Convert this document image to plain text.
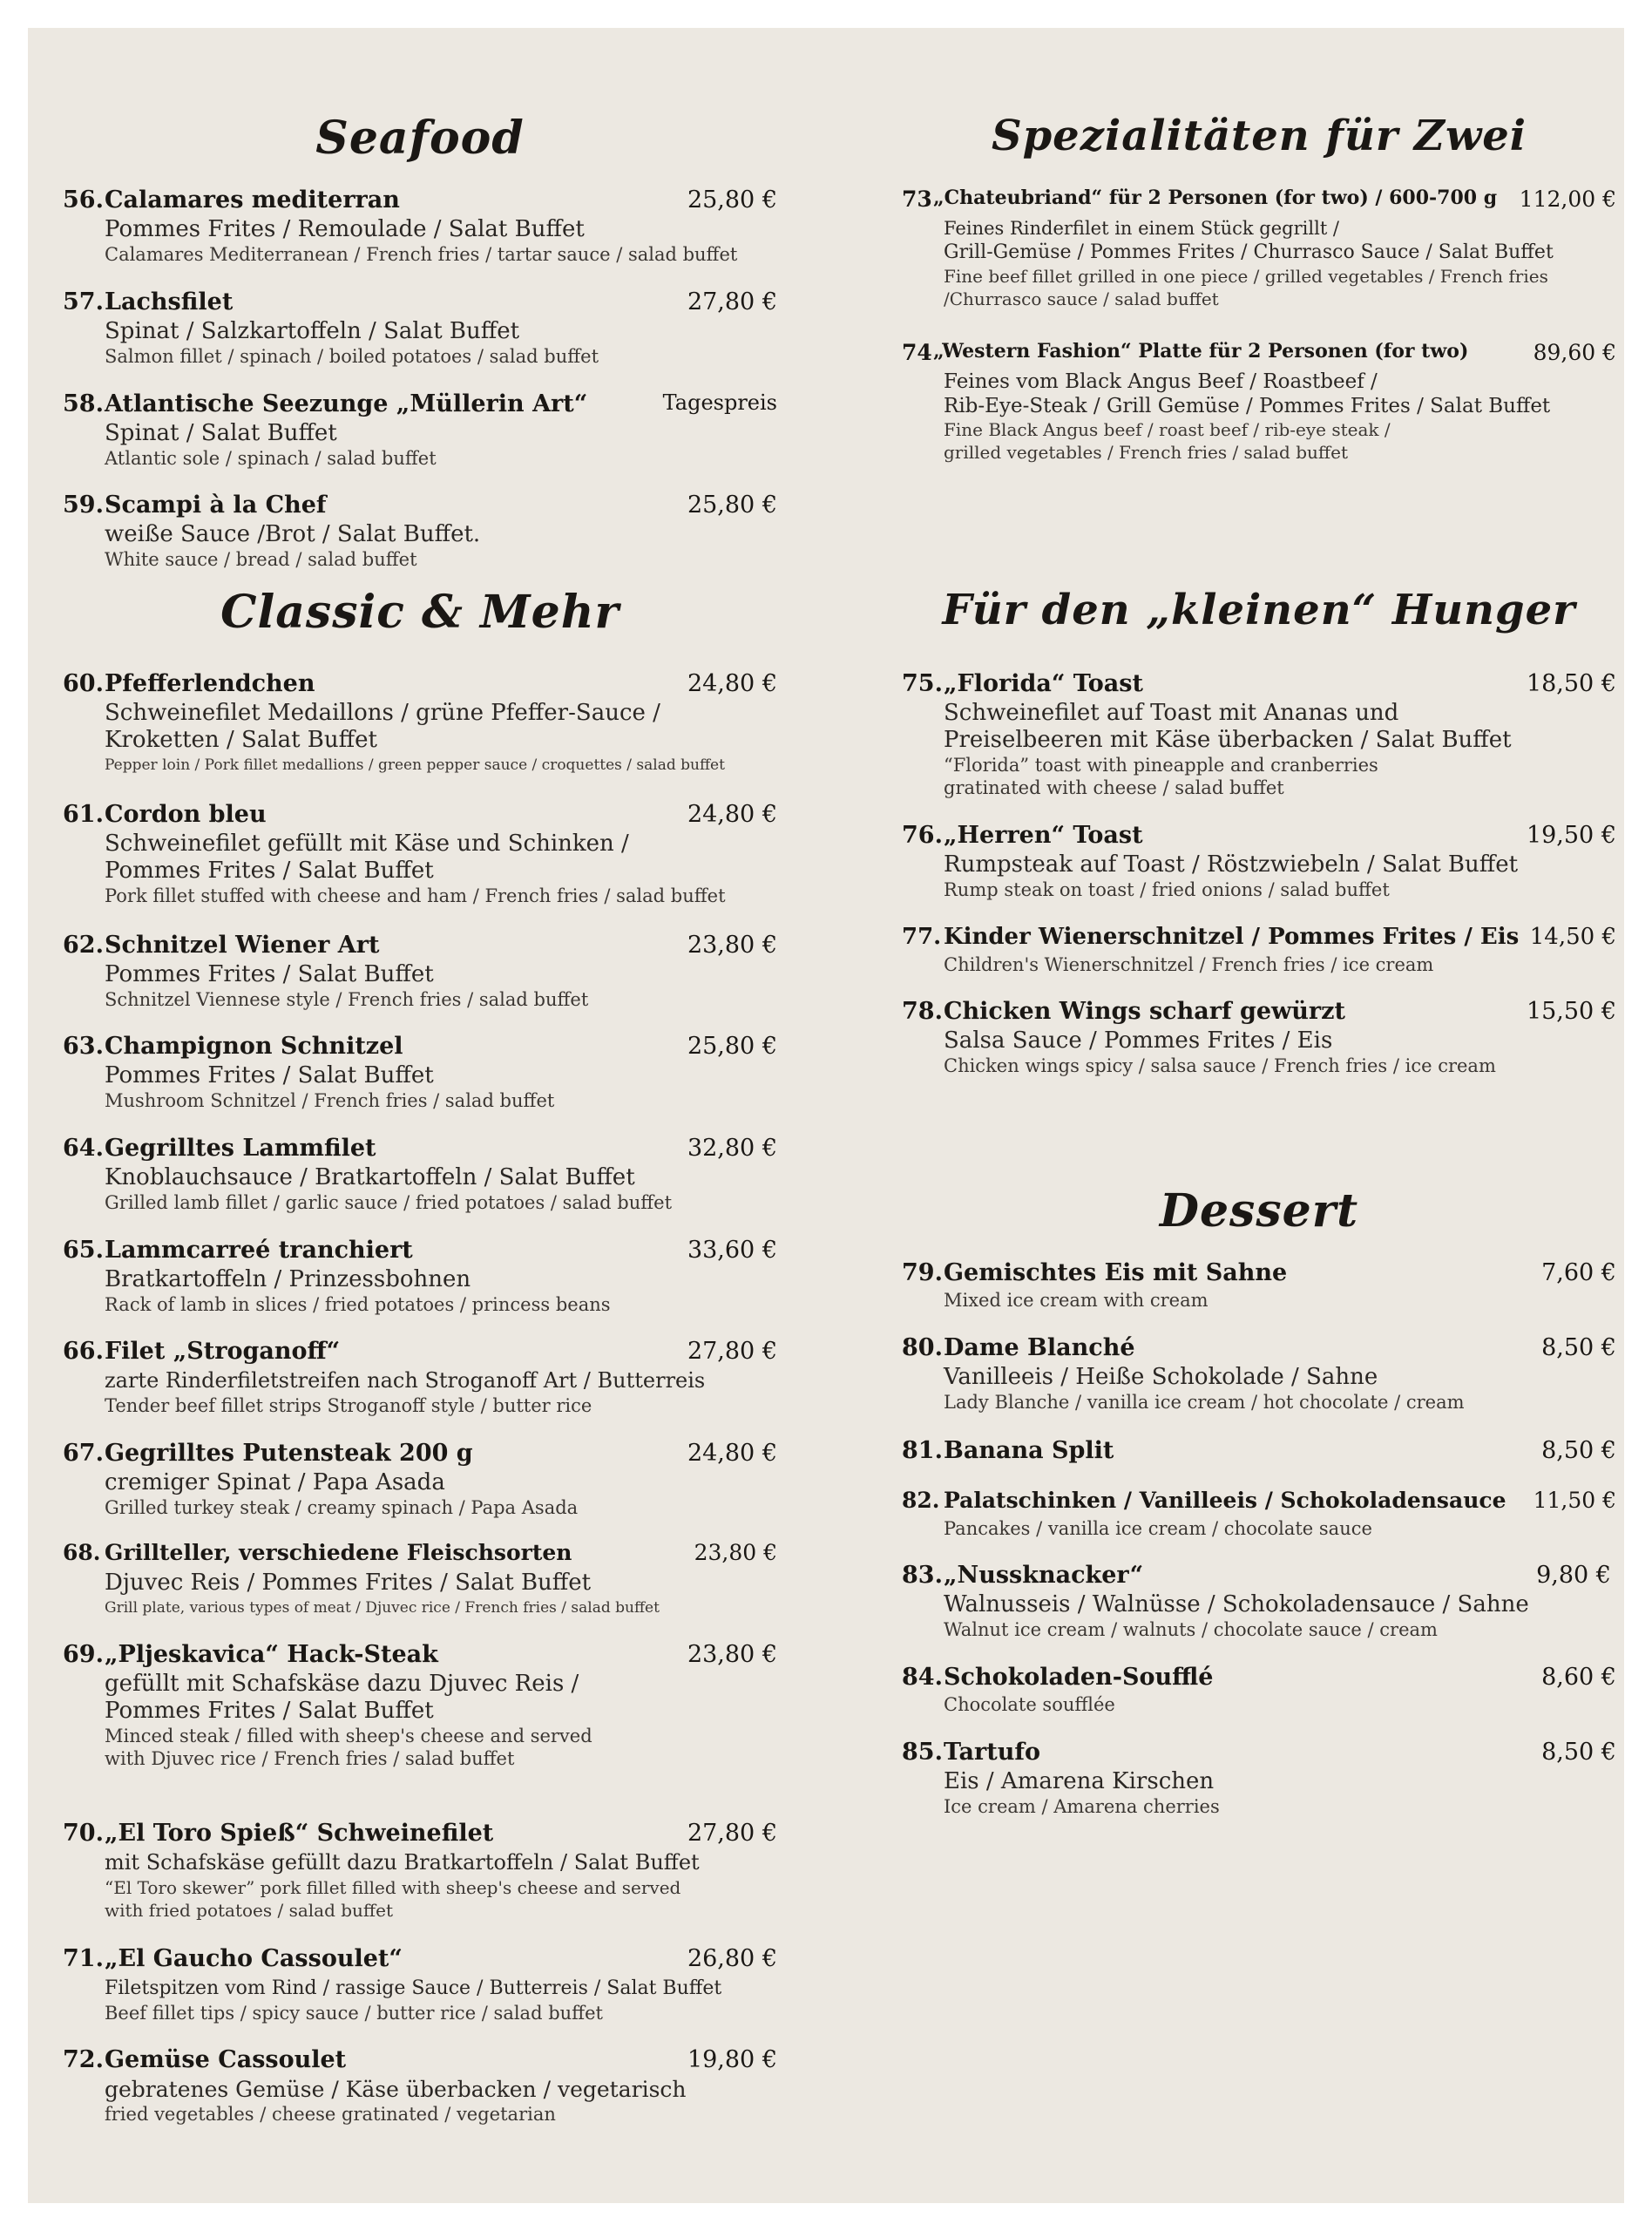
Seafood
56. Calamares mediterran	25,80 €
Pommes Frites / Remoulade / Salat Buffet
Calamares Mediterranean / French fries / tartar sauce / salad buffet
57. Lachsfilet	27,80 €
Spinat / Salzkartoffeln / Salat Buffet
Salmon fillet / spinach / boiled potatoes / salad buffet
58. Atlantische Seezunge „Müllerin Art“	Tagespreis
Spinat / Salat Buffet
Atlantic sole / spinach / salad buffet
59. Scampi à la Chef	25,80 €
weiße Sauce /Brot / Salat Buffet.
White sauce / bread / salad buffet
Classic & Mehr
60. Pfefferlendchen	24,80 €
Schweinefilet Medaillons / grüne Pfeffer-Sauce /
Kroketten / Salat Buffet
Pepper loin / Pork fillet medallions / green pepper sauce / croquettes / salad buffet
61. Cordon bleu	24,80 €
Schweinefilet gefüllt mit Käse und Schinken /
Pommes Frites / Salat Buffet
Pork fillet stuffed with cheese and ham / French fries / salad buffet
62. Schnitzel Wiener Art	23,80 €
Pommes Frites / Salat Buffet
Schnitzel Viennese style / French fries / salad buffet
63. Champignon Schnitzel	25,80 €
Pommes Frites / Salat Buffet
Mushroom Schnitzel / French fries / salad buffet
64. Gegrilltes Lammfilet	32,80 €
Knoblauchsauce / Bratkartoffeln / Salat Buffet
Grilled lamb fillet / garlic sauce / fried potatoes / salad buffet
65. Lammcarreé tranchiert	33,60 €
Bratkartoffeln / Prinzessbohnen
Rack of lamb in slices / fried potatoes / princess beans
66. Filet „Stroganoff“	27,80 €
zarte Rinderfiletstreifen nach Stroganoff Art / Butterreis
Tender beef fillet strips Stroganoff style / butter rice
67. Gegrilltes Putensteak 200 g	24,80 €
cremiger Spinat / Papa Asada
Grilled turkey steak / creamy spinach / Papa Asada
68. Grillteller, verschiedene Fleischsorten	23,80 €
Djuvec Reis / Pommes Frites / Salat Buffet
Grill plate, various types of meat / Djuvec rice / French fries / salad buffet
69. „Pljeskavica“ Hack-Steak	23,80 €
gefüllt mit Schafskäse dazu Djuvec Reis /
Pommes Frites / Salat Buffet
Minced steak / filled with sheep's cheese and served
with Djuvec rice / French fries / salad buffet
70. „El Toro Spieß“ Schweinefilet	27,80 €
mit Schafskäse gefüllt dazu Bratkartoffeln / Salat Buffet
“El Toro skewer” pork fillet filled with sheep's cheese and served
with fried potatoes / salad buffet
71. „El Gaucho Cassoulet“	26,80 €
Filetspitzen vom Rind / rassige Sauce / Butterreis / Salat Buffet
Beef fillet tips / spicy sauce / butter rice / salad buffet
72. Gemüse Cassoulet	19,80 €
gebratenes Gemüse / Käse überbacken / vegetarisch
fried vegetables / cheese gratinated / vegetarian
Spezialitäten für Zwei
73 „Chateubriand“ für 2 Personen (for two) / 600-700 g 112,00 €
Feines Rinderfilet in einem Stück gegrillt /
Grill-Gemüse / Pommes Frites / Churrasco Sauce / Salat Buffet
Fine beef fillet grilled in one piece / grilled vegetables / French fries
/Churrasco sauce / salad buffet
74 „Western Fashion“ Platte für 2 Personen (for two)	89,60 €
Feines vom Black Angus Beef / Roastbeef /
Rib-Eye-Steak / Grill Gemüse / Pommes Frites / Salat Buffet
Fine Black Angus beef / roast beef / rib-eye steak /
grilled vegetables / French fries / salad buffet
Für den „kleinen“ Hunger
75. „Florida“ Toast	18,50 €
Schweinefilet auf Toast mit Ananas und
Preiselbeeren mit Käse überbacken / Salat Buffet
“Florida” toast with pineapple and cranberries
gratinated with cheese / salad buffet
76. „Herren“ Toast	19,50 €
Rumpsteak auf Toast / Röstzwiebeln / Salat Buffet
Rump steak on toast / fried onions / salad buffet
77. Kinder Wienerschnitzel / Pommes Frites / Eis 14,50 €
Children's Wienerschnitzel / French fries / ice cream
78. Chicken Wings scharf gewürzt	15,50 €
Salsa Sauce / Pommes Frites / Eis
Chicken wings spicy / salsa sauce / French fries / ice cream
Dessert
79. Gemischtes Eis mit Sahne	7,60 €
Mixed ice cream with cream
80. Dame Blanché	8,50 €
Vanilleeis / Heiße Schokolade / Sahne
Lady Blanche / vanilla ice cream / hot chocolate / cream
81. Banana Split	8,50 €
82. Palatschinken / Vanilleeis / Schokoladensauce 11,50 €
Pancakes / vanilla ice cream / chocolate sauce
83. „Nussknacker“	9,80 €
Walnusseis / Walnüsse / Schokoladensauce / Sahne
Walnut ice cream / walnuts / chocolate sauce / cream
84. Schokoladen-Soufflé	8,60 €
Chocolate soufflée
85. Tartufo	8,50 €
Eis / Amarena Kirschen
Ice cream / Amarena cherries
